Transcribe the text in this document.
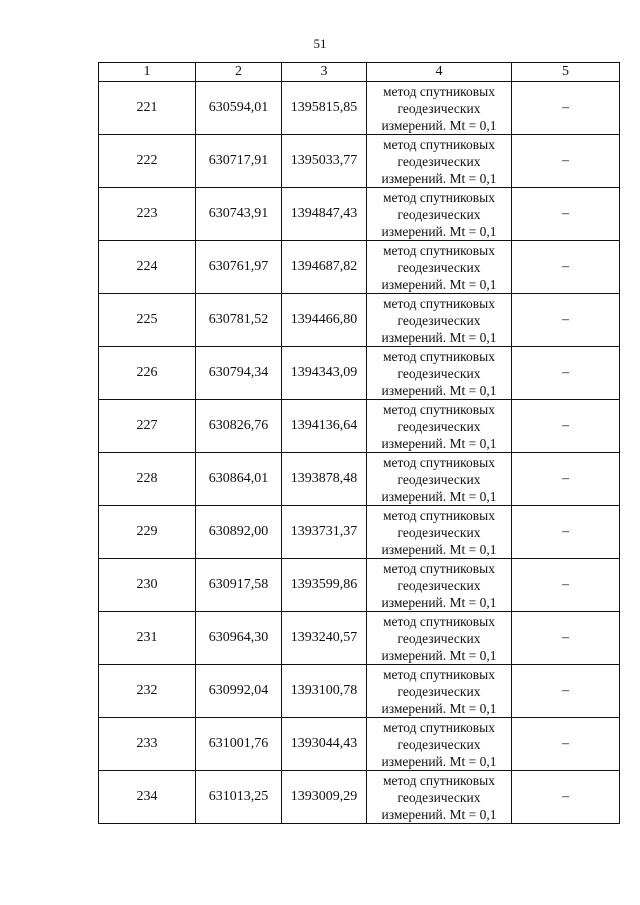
51
1	2	3	4	5
221	630594,01	1395815,85	метод спутниковых
геодезических
измерений. Mt = 0,1	–
222	630717,91	1395033,77	метод спутниковых
геодезических
измерений. Mt = 0,1	–
223	630743,91	1394847,43	метод спутниковых
геодезических
измерений. Mt = 0,1	–
224	630761,97	1394687,82	метод спутниковых
геодезических
измерений. Mt = 0,1	–
225	630781,52	1394466,80	метод спутниковых
геодезических
измерений. Mt = 0,1	–
226	630794,34	1394343,09	метод спутниковых
геодезических
измерений. Mt = 0,1	–
227	630826,76	1394136,64	метод спутниковых
геодезических
измерений. Mt = 0,1	–
228	630864,01	1393878,48	метод спутниковых
геодезических
измерений. Mt = 0,1	–
229	630892,00	1393731,37	метод спутниковых
геодезических
измерений. Mt = 0,1	–
230	630917,58	1393599,86	метод спутниковых
геодезических
измерений. Mt = 0,1	–
231	630964,30	1393240,57	метод спутниковых
геодезических
измерений. Mt = 0,1	–
232	630992,04	1393100,78	метод спутниковых
геодезических
измерений. Mt = 0,1	–
233	631001,76	1393044,43	метод спутниковых
геодезических
измерений. Mt = 0,1	–
234	631013,25	1393009,29	метод спутниковых
геодезических
измерений. Mt = 0,1	–
